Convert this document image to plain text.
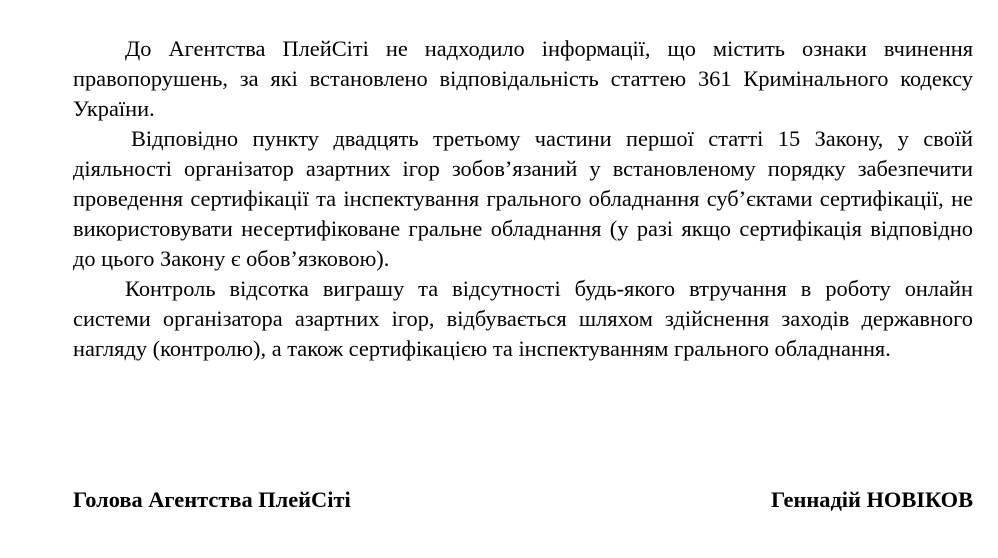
До Агентства ПлейСіті не надходило інформації, що містить ознаки вчинення правопорушень, за які встановлено відповідальність статтею 361 Кримінального кодексу України.

Відповідно пункту двадцять третьому частини першої статті 15 Закону, у своїй діяльності організатор азартних ігор зобов’язаний у встановленому порядку забезпечити проведення сертифікації та інспектування грального обладнання суб’єктами сертифікації, не використовувати несертифіковане гральне обладнання (у разі якщо сертифікація відповідно до цього Закону є обов’язковою).

Контроль відсотка виграшу та відсутності будь-якого втручання в роботу онлайн системи організатора азартних ігор, відбувається шляхом здійснення заходів державного нагляду (контролю), а також сертифікацією та інспектуванням грального обладнання.

Голова Агентства ПлейСіті	Геннадій НОВІКОВ
